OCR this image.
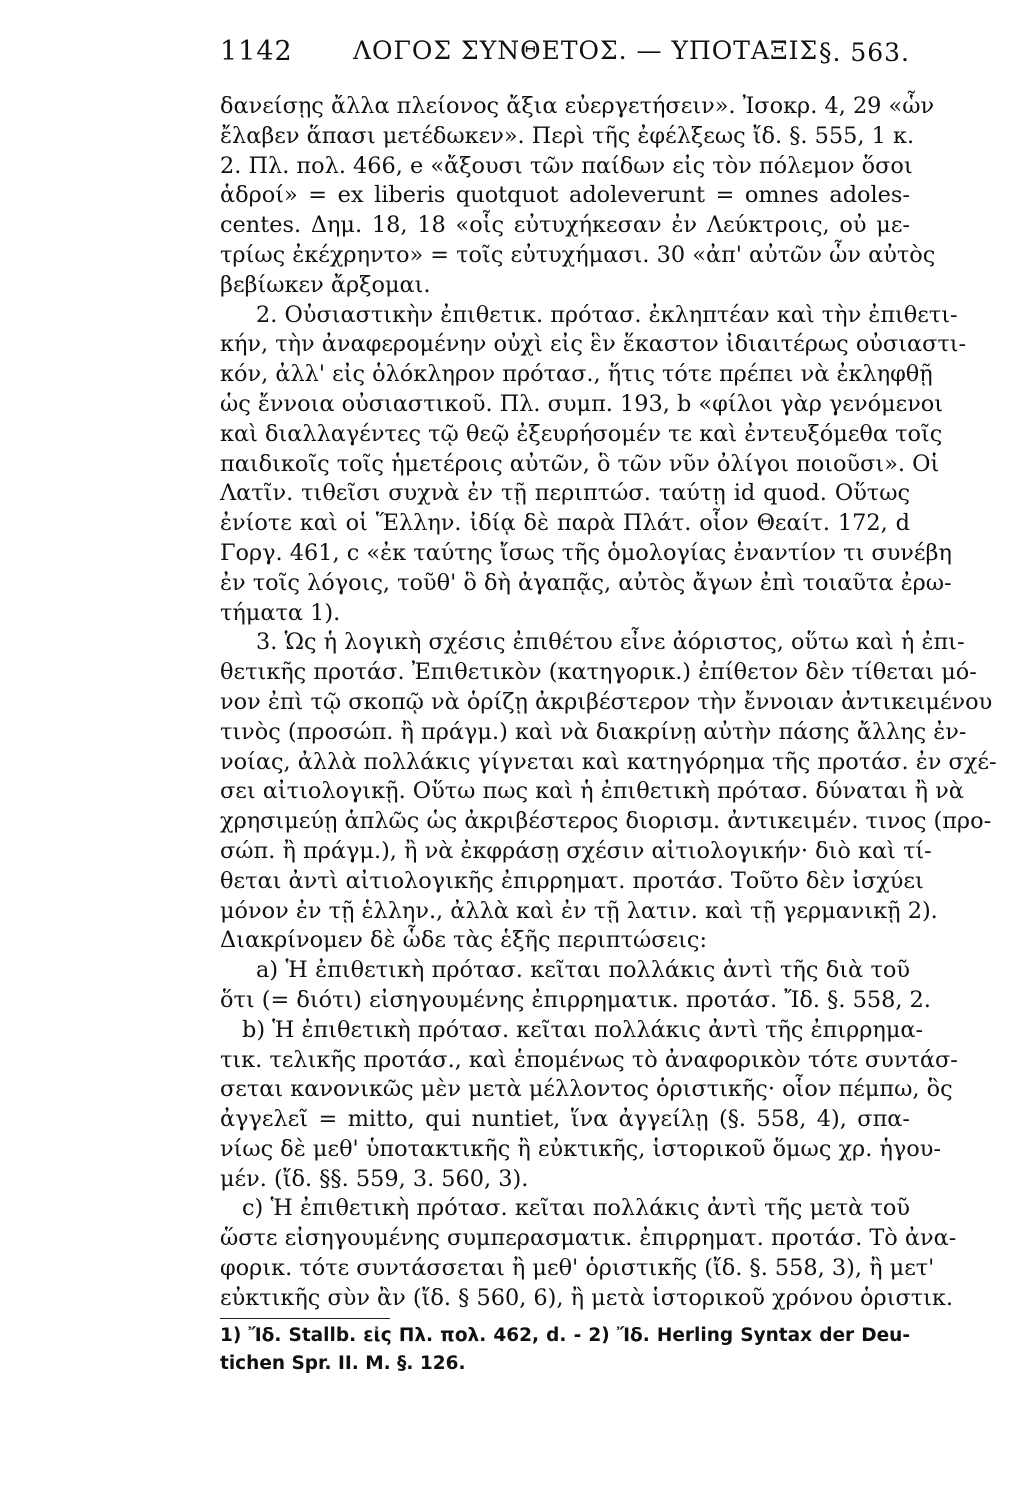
1142 ΛΟΓΟΣ ΣΥΝΘΕΤΟΣ. — ΥΠΟΤΑΞΙΣ §. 563.
δανείσῃς ἄλλα πλείονος ἄξια εὐεργετήσειν». Ἰσοκρ. 4, 29 «ὧν
ἔλαβεν ἅπασι μετέδωκεν». Περὶ τῆς ἐφέλξεως ἴδ. §. 555, 1 κ.
2. Πλ. πολ. 466, e «ἄξουσι τῶν παίδων εἰς τὸν πόλεμον ὅσοι
ἁδροί» = ex liberis quotquot adoleverunt = omnes adoles-
centes. Δημ. 18, 18 «οἷς εὐτυχήκεσαν ἐν Λεύκτροις, οὐ με-
τρίως ἐκέχρηντο» = τοῖς εὐτυχήμασι. 30 «ἀπ' αὐτῶν ὧν αὐτὸς
βεβίωκεν ἄρξομαι.
2. Οὐσιαστικὴν ἐπιθετικ. πρότασ. ἐκληπτέαν καὶ τὴν ἐπιθετι-
κήν, τὴν ἀναφερομένην οὐχὶ εἰς ἓν ἕκαστον ἰδιαιτέρως οὐσιαστι-
κόν, ἀλλ' εἰς ὁλόκληρον πρότασ., ἥτις τότε πρέπει νὰ ἐκληφθῇ
ὡς ἔννοια οὐσιαστικοῦ. Πλ. συμπ. 193, b «φίλοι γὰρ γενόμενοι
καὶ διαλλαγέντες τῷ θεῷ ἐξευρήσομέν τε καὶ ἐντευξόμεθα τοῖς
παιδικοῖς τοῖς ἡμετέροις αὐτῶν, ὃ τῶν νῦν ὀλίγοι ποιοῦσι». Οἱ
Λατῖν. τιθεῖσι συχνὰ ἐν τῇ περιπτώσ. ταύτῃ id quod. Οὕτως
ἐνίοτε καὶ οἱ Ἕλλην. ἰδίᾳ δὲ παρὰ Πλάτ. οἷον Θεαίτ. 172, d
Γοργ. 461, c «ἐκ ταύτης ἴσως τῆς ὁμολογίας ἐναντίον τι συνέβη
ἐν τοῖς λόγοις, τοῦθ' ὃ δὴ ἀγαπᾷς, αὐτὸς ἄγων ἐπὶ τοιαῦτα ἐρω-
τήματα 1).
3. Ὡς ἡ λογικὴ σχέσις ἐπιθέτου εἶνε ἀόριστος, οὕτω καὶ ἡ ἐπι-
θετικῆς προτάσ. Ἐπιθετικὸν (κατηγορικ.) ἐπίθετον δὲν τίθεται μό-
νον ἐπὶ τῷ σκοπῷ νὰ ὁρίζῃ ἀκριβέστερον τὴν ἔννοιαν ἀντικειμένου
τινὸς (προσώπ. ἢ πράγμ.) καὶ νὰ διακρίνῃ αὐτὴν πάσης ἄλλης ἐν-
νοίας, ἀλλὰ πολλάκις γίγνεται καὶ κατηγόρημα τῆς προτάσ. ἐν σχέ-
σει αἰτιολογικῇ. Οὕτω πως καὶ ἡ ἐπιθετικὴ πρότασ. δύναται ἢ νὰ
χρησιμεύῃ ἁπλῶς ὡς ἀκριβέστερος διορισμ. ἀντικειμέν. τινος (προ-
σώπ. ἢ πράγμ.), ἢ νὰ ἐκφράσῃ σχέσιν αἰτιολογικήν· διὸ καὶ τί-
θεται ἀντὶ αἰτιολογικῆς ἐπιρρηματ. προτάσ. Τοῦτο δὲν ἰσχύει
μόνον ἐν τῇ ἑλλην., ἀλλὰ καὶ ἐν τῇ λατιν. καὶ τῇ γερμανικῇ 2).
Διακρίνομεν δὲ ὧδε τὰς ἑξῆς περιπτώσεις:
a) Ἡ ἐπιθετικὴ πρότασ. κεῖται πολλάκις ἀντὶ τῆς διὰ τοῦ
ὅτι (= διότι) εἰσηγουμένης ἐπιρρηματικ. προτάσ. Ἴδ. §. 558, 2.
b) Ἡ ἐπιθετικὴ πρότασ. κεῖται πολλάκις ἀντὶ τῆς ἐπιρρημα-
τικ. τελικῆς προτάσ., καὶ ἑπομένως τὸ ἀναφορικὸν τότε συντάσ-
σεται κανονικῶς μὲν μετὰ μέλλοντος ὁριστικῆς· οἷον πέμπω, ὃς
ἀγγελεῖ = mitto, qui nuntiet, ἵνα ἀγγείλῃ (§. 558, 4), σπα-
νίως δὲ μεθ' ὑποτακτικῆς ἢ εὐκτικῆς, ἱστορικοῦ ὅμως χρ. ἡγου-
μέν. (ἴδ. §§. 559, 3. 560, 3).
c) Ἡ ἐπιθετικὴ πρότασ. κεῖται πολλάκις ἀντὶ τῆς μετὰ τοῦ
ὥστε εἰσηγουμένης συμπερασματικ. ἐπιρρηματ. προτάσ. Τὸ ἀνα-
φορικ. τότε συντάσσεται ἢ μεθ' ὁριστικῆς (ἴδ. §. 558, 3), ἢ μετ'
εὐκτικῆς σὺν ἂν (ἴδ. § 560, 6), ἢ μετὰ ἱστορικοῦ χρόνου ὁριστικ.
1) Ἴδ. Stallb. εἰς Πλ. πολ. 462, d. - 2) Ἴδ. Herling Syntax der Deu-
tichen Spr. II. M. §. 126.
